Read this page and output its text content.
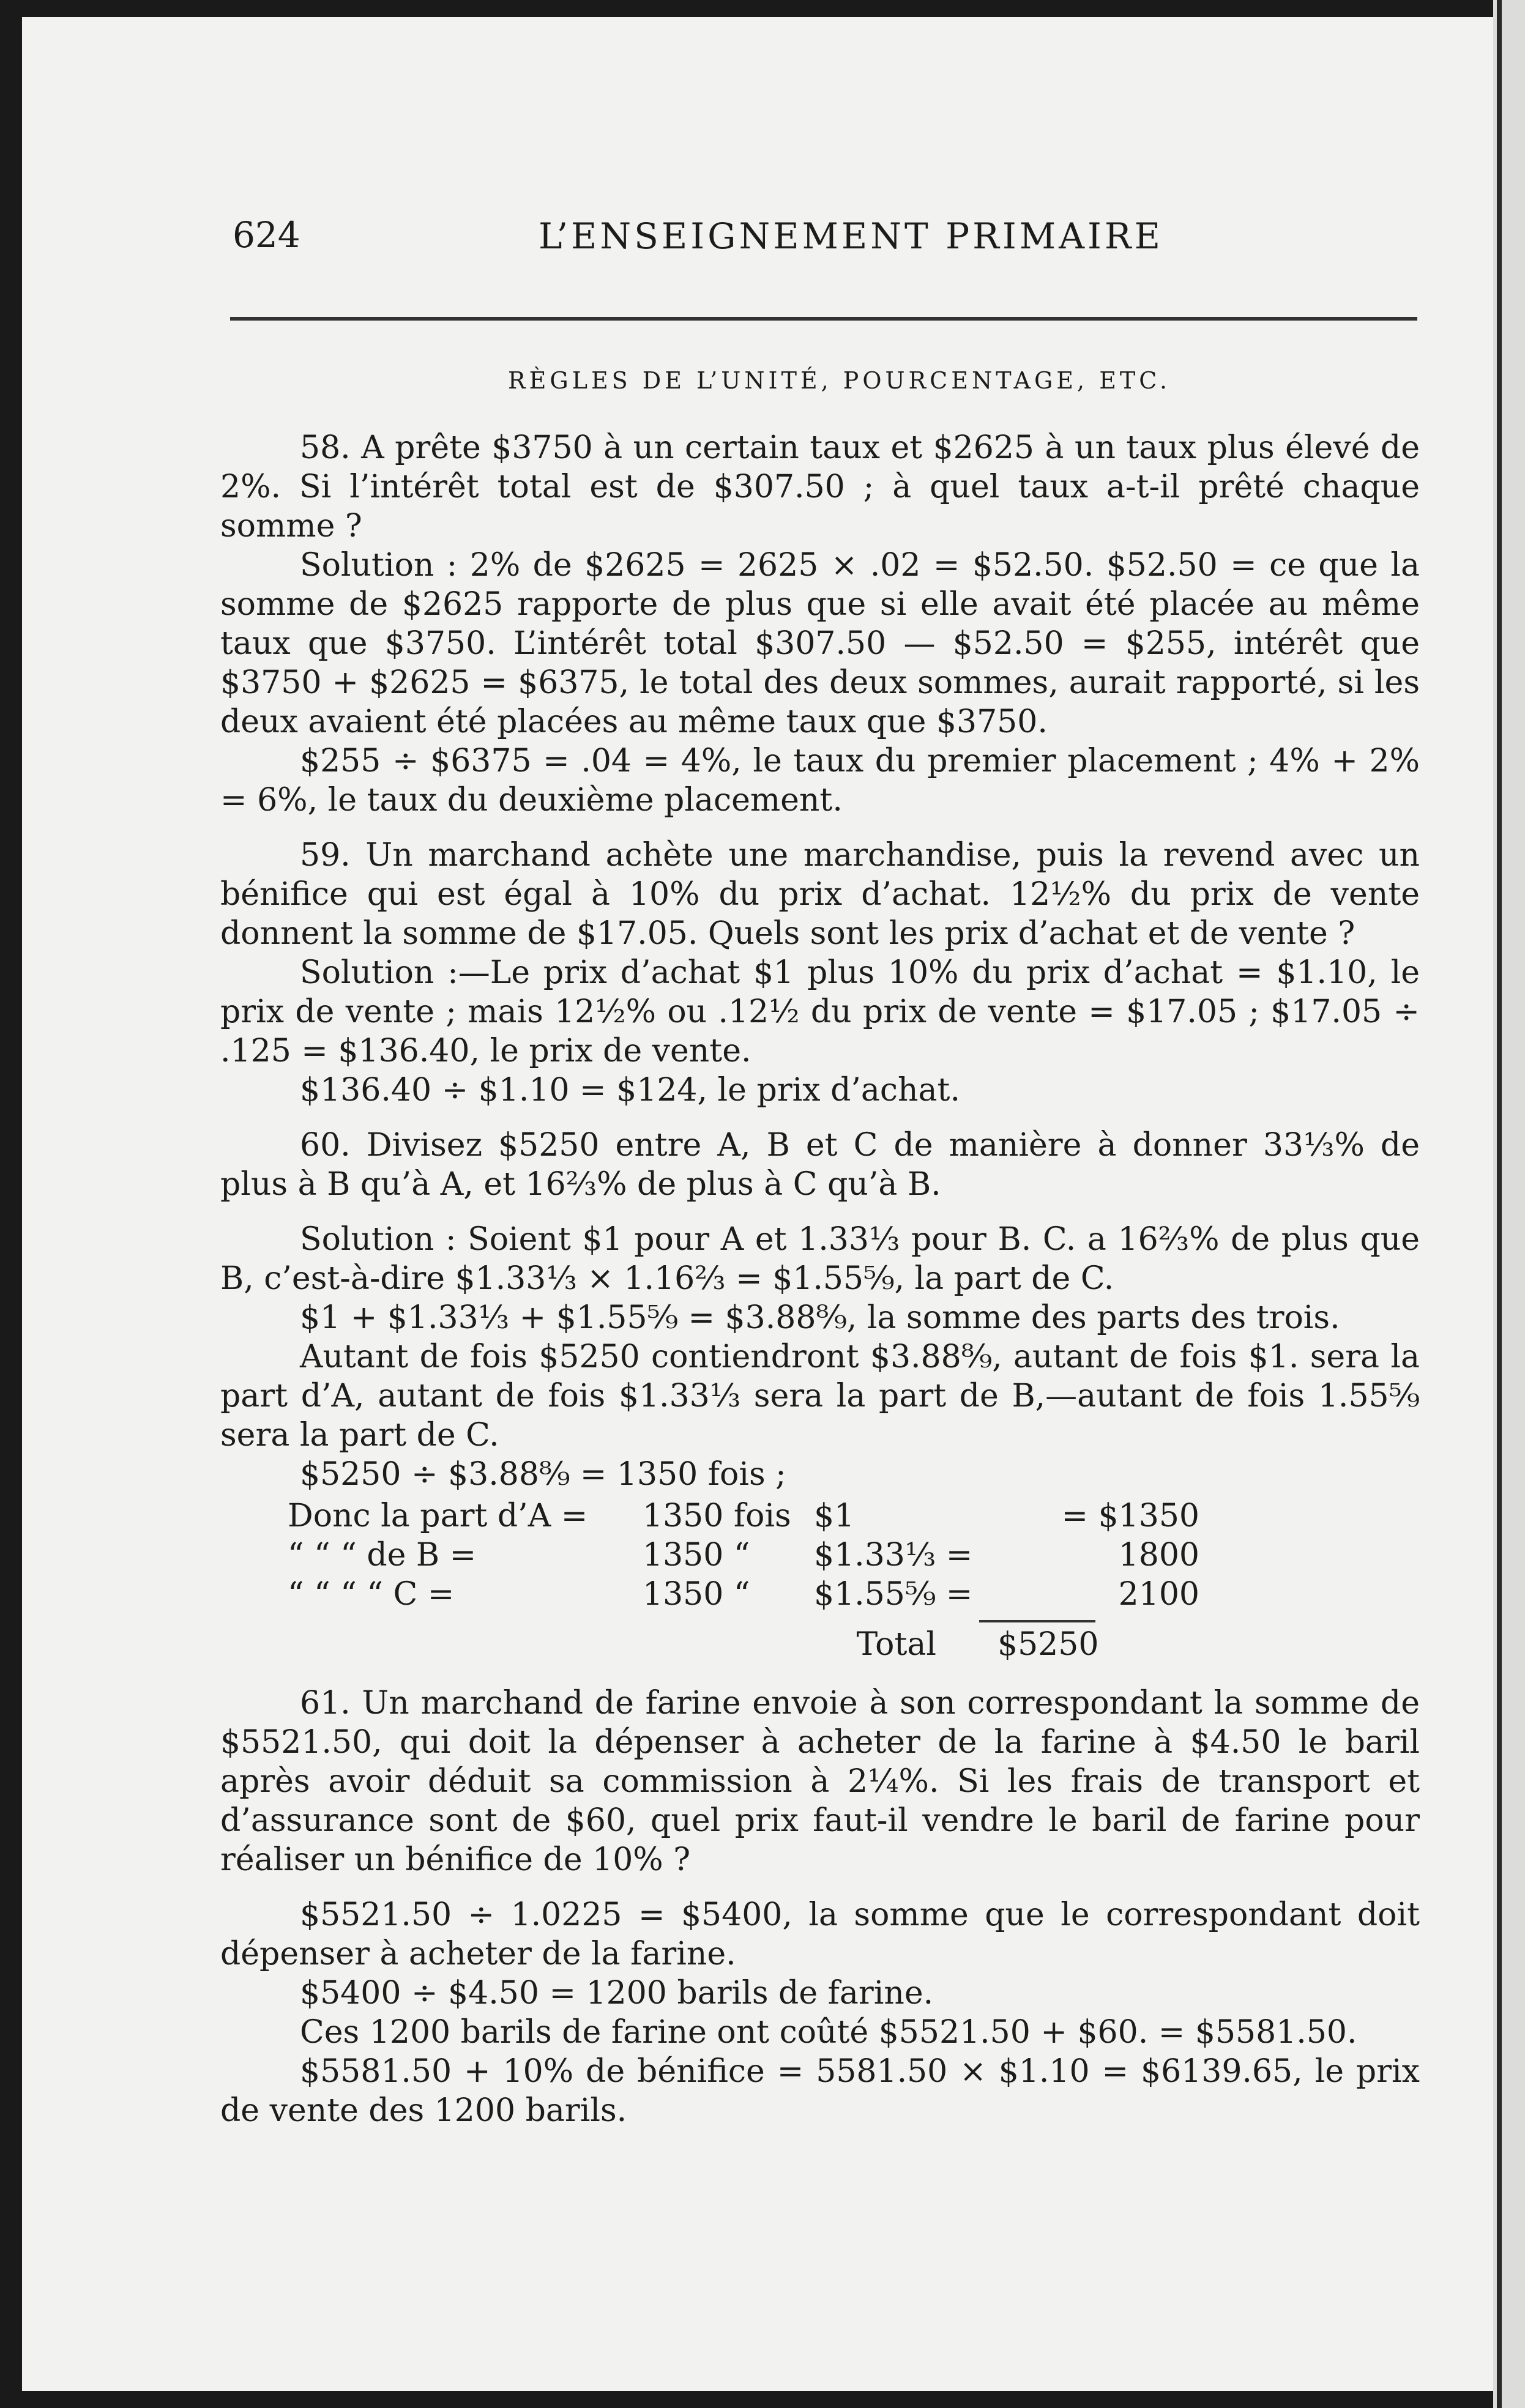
624	L’ENSEIGNEMENT PRIMAIRE
RÈGLES DE L’UNITÉ, POURCENTAGE, ETC.

58. A prête $3750 à un certain taux et $2625 à un taux plus élevé de 2%. Si l’intérêt total est de $307.50 ; à quel taux a-t-il prêté chaque somme ?

Solution : 2% de $2625 = 2625 × .02 = $52.50. $52.50 = ce que la somme de $2625 rapporte de plus que si elle avait été placée au même taux que $3750. L’intérêt total $307.50 — $52.50 = $255, intérêt que $3750 + $2625 = $6375, le total des deux sommes, aurait rapporté, si les deux avaient été placées au même taux que $3750.

$255 ÷ $6375 = .04 = 4%, le taux du premier placement ; 4% + 2% = 6%, le taux du deuxième placement.

59. Un marchand achète une marchandise, puis la revend avec un bénifice qui est égal à 10% du prix d’achat. 12½% du prix de vente donnent la somme de $17.05. Quels sont les prix d’achat et de vente ?

Solution :—Le prix d’achat $1 plus 10% du prix d’achat = $1.10, le prix de vente ; mais 12½% ou .12½ du prix de vente = $17.05 ; $17.05 ÷ .125 = $136.40, le prix de vente.

$136.40 ÷ $1.10 = $124, le prix d’achat.

60. Divisez $5250 entre A, B et C de manière à donner 33⅓% de plus à B qu’à A, et 16⅔% de plus à C qu’à B.

Solution : Soient $1 pour A et 1.33⅓ pour B. C. a 16⅔% de plus que B, c’est-à-dire $1.33⅓ × 1.16⅔ = $1.55⁵⁄₉, la part de C.

$1 + $1.33⅓ + $1.55⁵⁄₉ = $3.88⁸⁄₉, la somme des parts des trois.

Autant de fois $5250 contiendront $3.88⁸⁄₉, autant de fois $1. sera la part d’A, autant de fois $1.33⅓ sera la part de B,—autant de fois 1.55⁵⁄₉ sera la part de C.

$5250 ÷ $3.88⁸⁄₉ = 1350 fois ;

Donc la part d’A =	1350 fois $1	= $1350
“ “ “ de B =	1350 “	$1.33⅓ =	1800
“ “ “ “ C =	1350 “	$1.55⁵⁄₉ =	2100
Total	$5250

61. Un marchand de farine envoie à son correspondant la somme de $5521.50, qui doit la dépenser à acheter de la farine à $4.50 le baril après avoir déduit sa commission à 2¼%. Si les frais de transport et d’assurance sont de $60, quel prix faut-il vendre le baril de farine pour réaliser un bénifice de 10% ?

$5521.50 ÷ 1.0225 = $5400, la somme que le correspondant doit dépenser à acheter de la farine.

$5400 ÷ $4.50 = 1200 barils de farine.

Ces 1200 barils de farine ont coûté $5521.50 + $60. = $5581.50.

$5581.50 + 10% de bénifice = 5581.50 × $1.10 = $6139.65, le prix de vente des 1200 barils.
